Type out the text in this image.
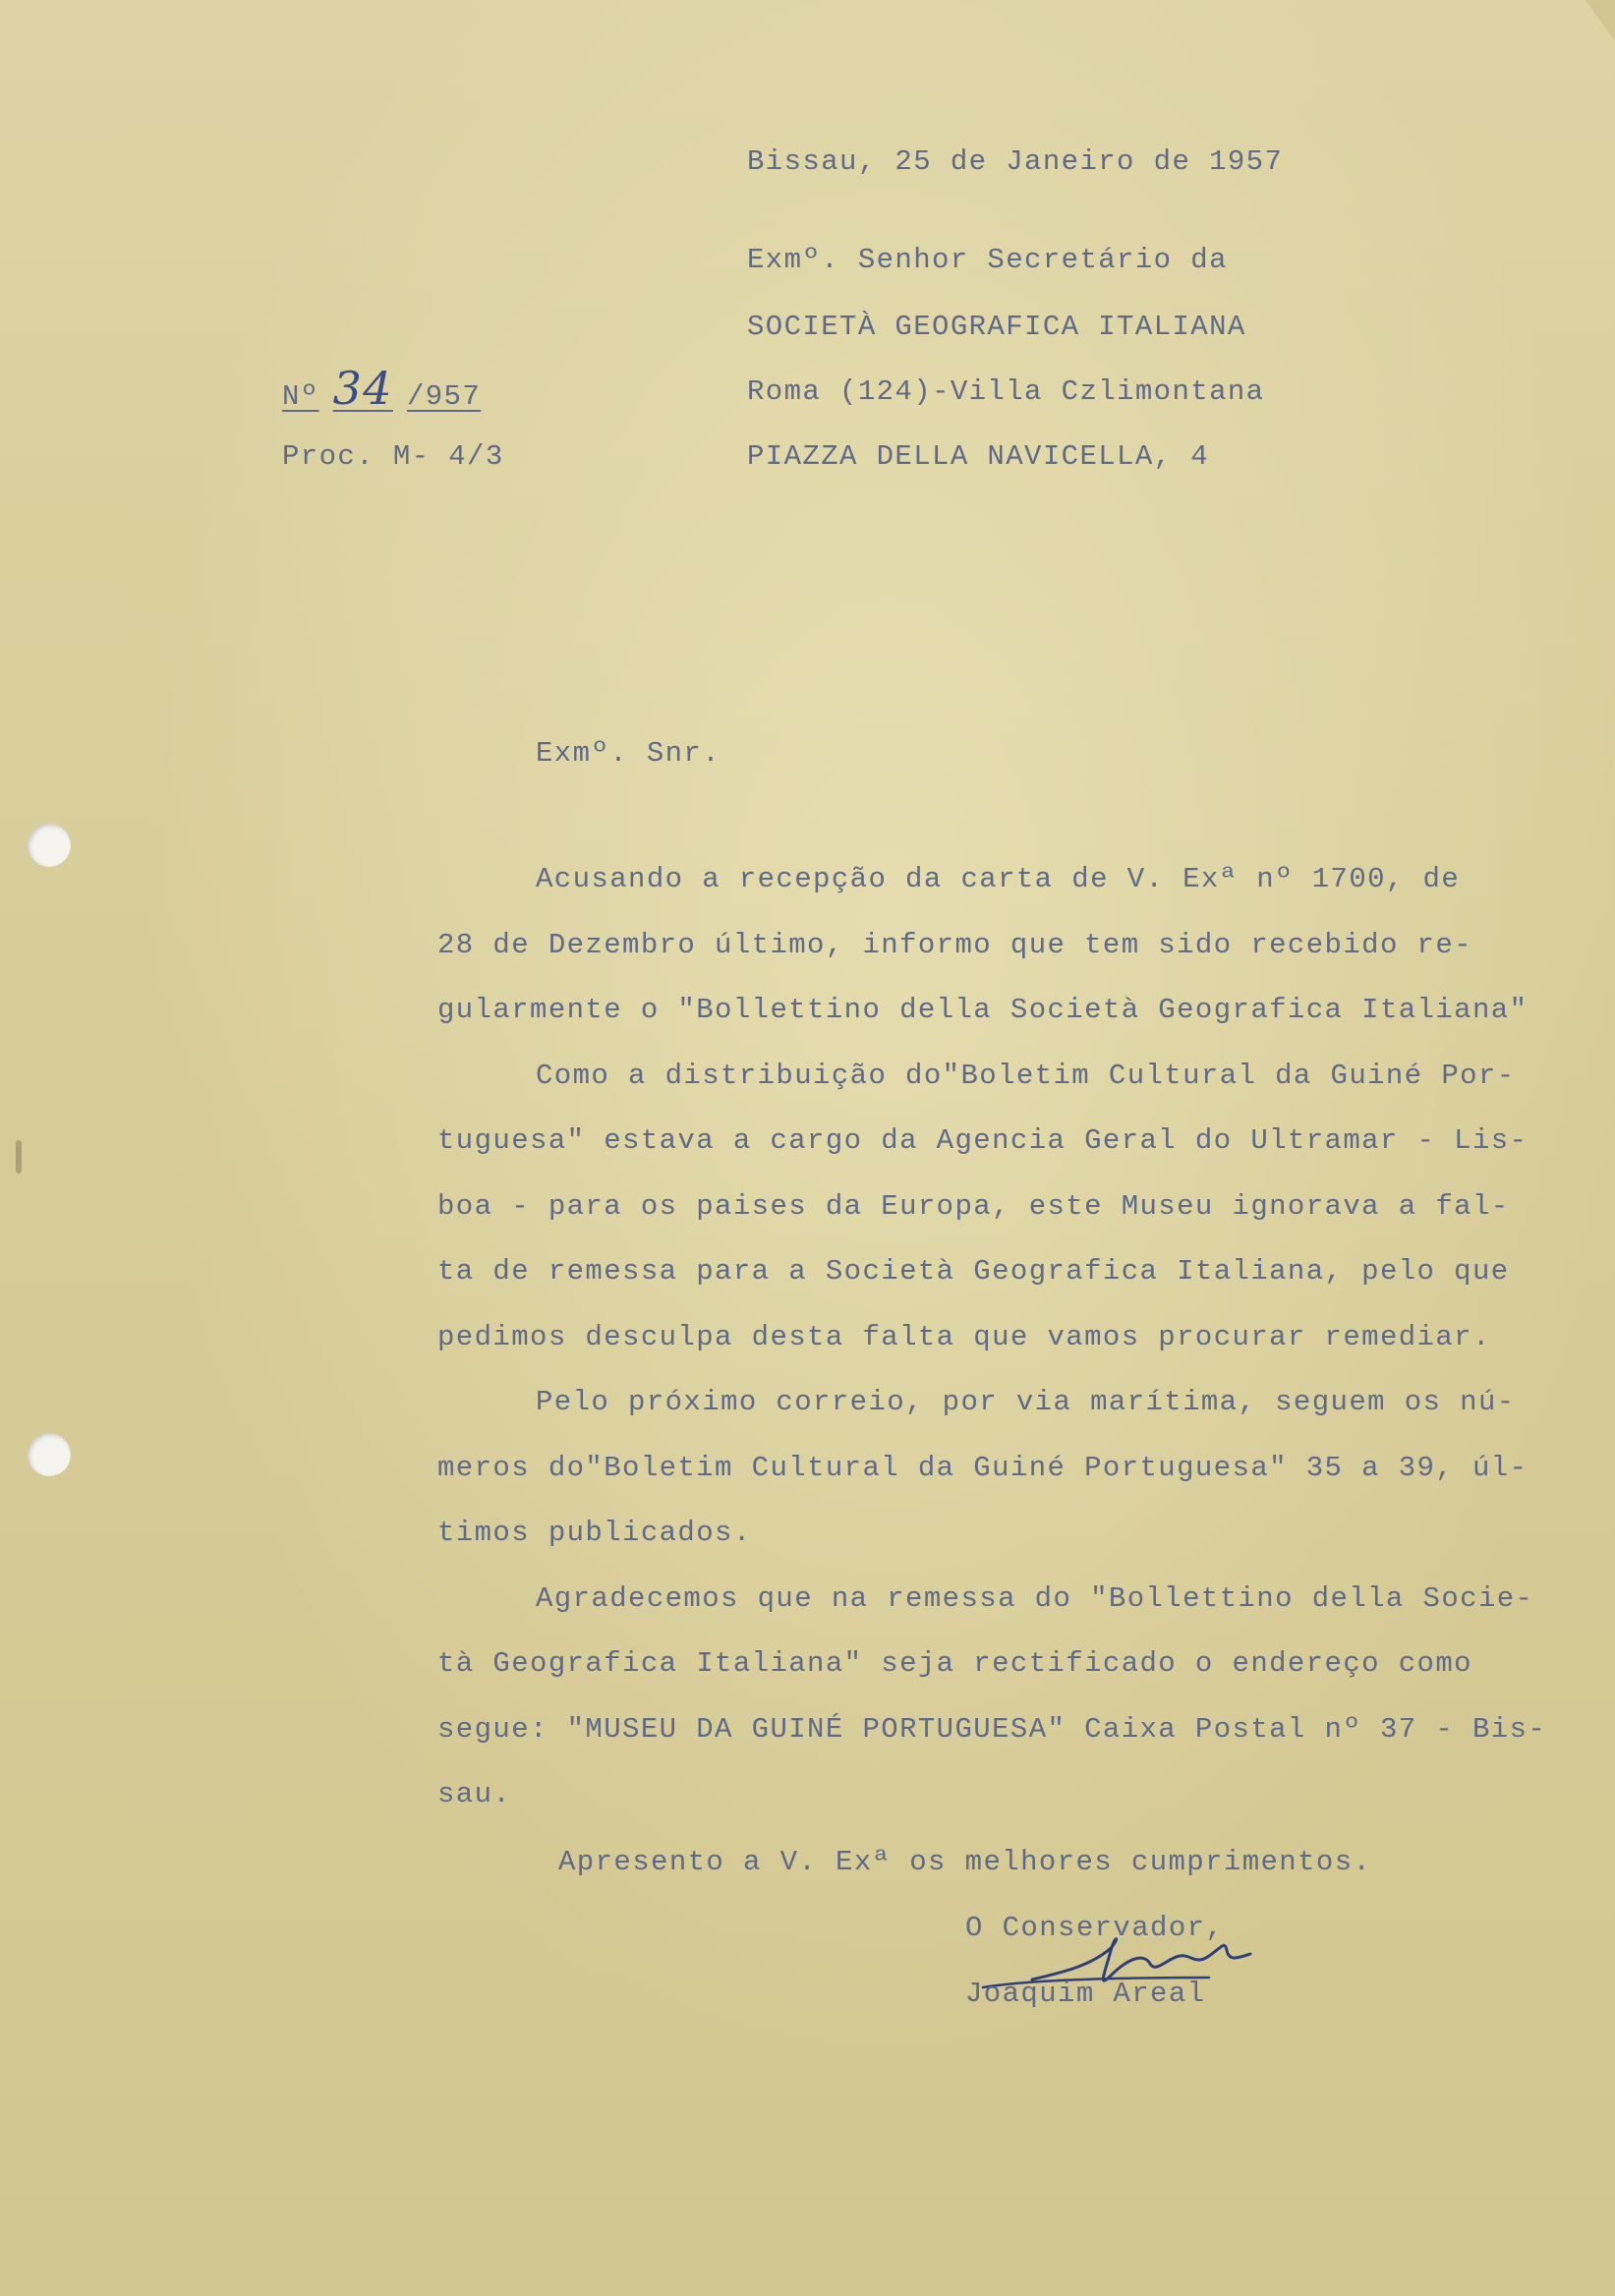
Bissau, 25 de Janeiro de 1957
Exmº. Senhor Secretário da
SOCIETÀ GEOGRAFICA ITALIANA
Roma (124)-Villa Czlimontana
PIAZZA DELLA NAVICELLA, 4
Nº 34 /957
Proc. M- 4/3
Exmº. Snr.
Acusando a recepção da carta de V. Exª nº 1700, de
28 de Dezembro último, informo que tem sido recebido re-
gularmente o "Bollettino della Società Geografica Italiana"
Como a distribuição do"Boletim Cultural da Guiné Por-
tuguesa" estava a cargo da Agencia Geral do Ultramar - Lis-
boa - para os paises da Europa, este Museu ignorava a fal-
ta de remessa para a Società Geografica Italiana, pelo que
pedimos desculpa desta falta que vamos procurar remediar.
Pelo próximo correio, por via marítima, seguem os nú-
meros do"Boletim Cultural da Guiné Portuguesa" 35 a 39, úl-
timos publicados.
Agradecemos que na remessa do "Bollettino della Socie-
tà Geografica Italiana" seja rectificado o endereço como
segue: "MUSEU DA GUINÉ PORTUGUESA" Caixa Postal nº 37 - Bis-
sau.
Apresento a V. Exª os melhores cumprimentos.
O Conservador,
Joaquim Areal
